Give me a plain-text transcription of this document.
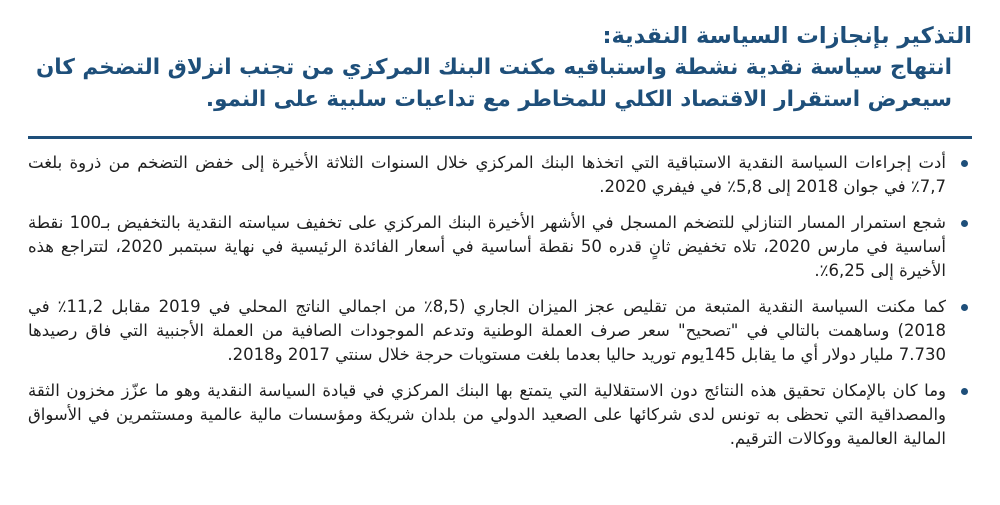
التذكير بإنجازات السياسة النقدية:
انتهاج سياسة نقدية نشطة واستباقيه مكنت البنك المركزي من تجنب انزلاق التضخم كان
سيعرض استقرار الاقتصاد الكلي للمخاطر مع تداعيات سلبية على النمو.
أدت إجراءات السياسة النقدية الاستباقية التي اتخذها البنك المركزي خلال السنوات الثلاثة الأخيرة إلى خفض التضخم من ذروة بلغت 7,7٪ في جوان 2018 إلى 5,8٪ في فيفري 2020.
شجع استمرار المسار التنازلي للتضخم المسجل في الأشهر الأخيرة البنك المركزي على تخفيف سياسته النقدية بالتخفيض بـ100 نقطة أساسية في مارس 2020، تلاه تخفيض ثانٍ قدره 50 نقطة أساسية في أسعار الفائدة الرئيسية في نهاية سبتمبر 2020، لتتراجع هذه الأخيرة إلى 6,25٪.
كما مكنت السياسة النقدية المتبعة من تقليص عجز الميزان الجاري (8,5٪ من اجمالي الناتج المحلي في 2019 مقابل 11,2٪ في 2018) وساهمت بالتالي في "تصحيح" سعر صرف العملة الوطنية وتدعم الموجودات الصافية من العملة الأجنبية التي فاق رصيدها 7.730 مليار دولار أي ما يقابل 145يوم توريد حاليا بعدما بلغت مستويات حرجة خلال سنتي 2017 و2018.
وما كان بالإمكان تحقيق هذه النتائج دون الاستقلالية التي يتمتع بها البنك المركزي في قيادة السياسة النقدية وهو ما عزّز مخزون الثقة والمصداقية التي تحظى به تونس لدى شركائها على الصعيد الدولي من بلدان شريكة ومؤسسات مالية عالمية ومستثمرين في الأسواق المالية العالمية ووكالات الترقيم.
